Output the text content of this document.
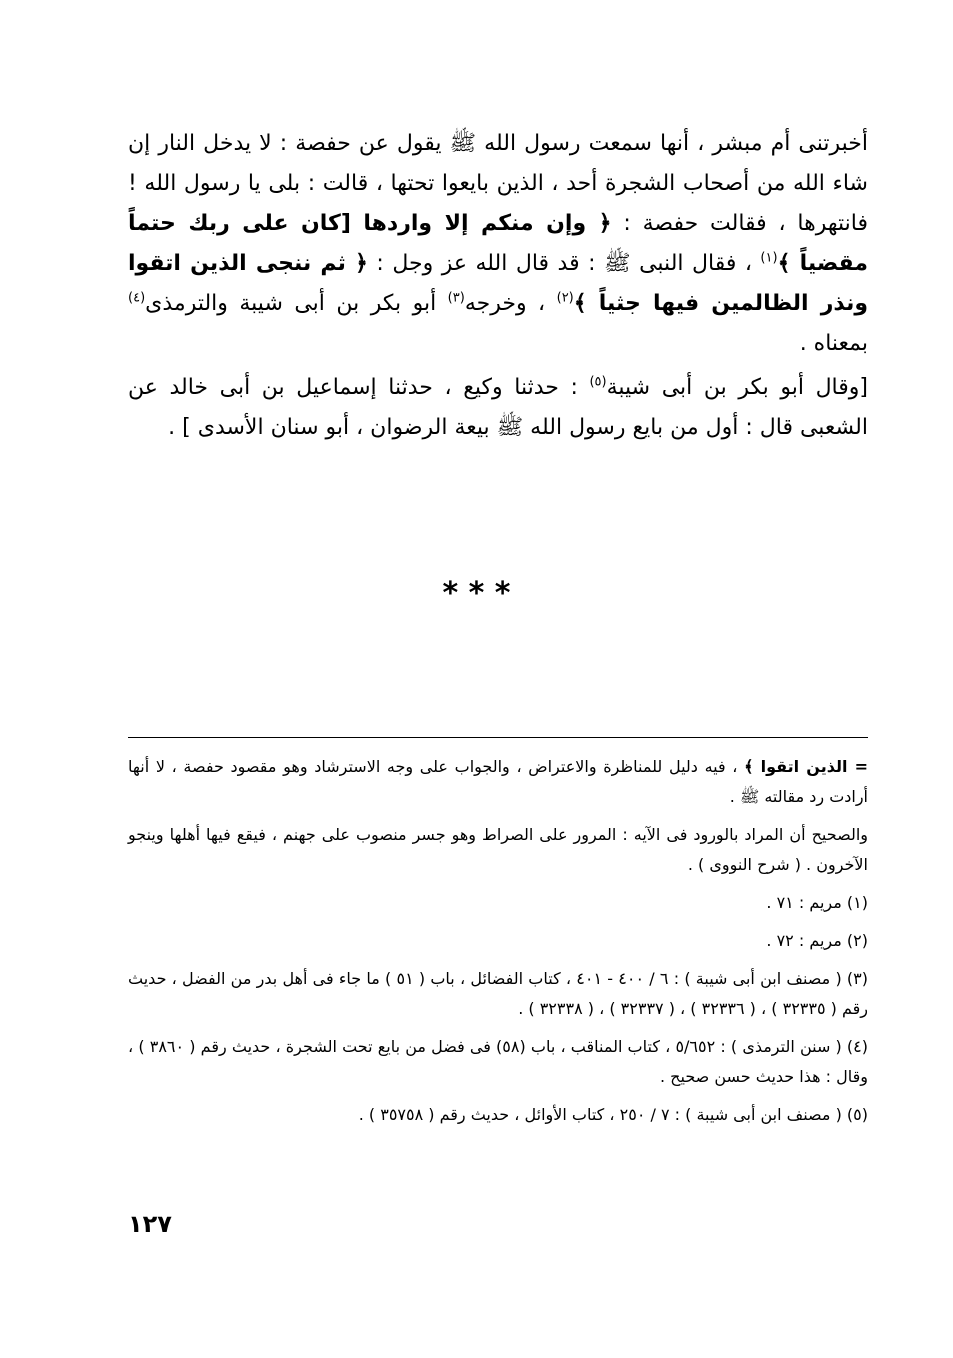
أخبرتنى أم مبشر ، أنها سمعت رسول الله ﷺ يقول عن حفصة : لا يدخل النار إن شاء الله من أصحاب الشجرة أحد ، الذين بايعوا تحتها ، قالت : بلى يا رسول الله ! فانتهرها ، فقالت حفصة : ﴿ وإن منكم إلا واردها [كان على ربك حتماً مقضياً ﴾$^{(١)}$ ، فقال النبى ﷺ : قد قال الله عز وجل : ﴿ ثم ننجى الذين اتقوا ونذر الظالمين فيها جثياً ﴾$^{(٢)}$ ، وخرجه$^{(٣)}$ أبو بكر بن أبى شيبة والترمذى$^{(٤)}$ بمعناه .

[وقال أبو بكر بن أبى شيبة$^{(٥)}$ : حدثنا وكيع ، حدثنا إسماعيل بن أبى خالد عن الشعبى قال : أول من بايع رسول الله ﷺ بيعة الرضوان ، أبو سنان الأسدى ] .

* * *

= الذين اتقوا ﴾ ، فيه دليل للمناظرة والاعتراض ، والجواب على وجه الاسترشاد وهو مقصود حفصة ، لا أنها أرادت رد مقالته ﷺ .

والصحيح أن المراد بالورود فى الآيه : المرور على الصراط وهو جسر منصوب على جهنم ، فيقع فيها أهلها وينجو الآخرون . ( شرح النووى ) .

(١) مريم : ٧١ .

(٢) مريم : ٧٢ .

(٣) ( مصنف ابن أبى شيبة ) : ٦ / ٤٠٠ - ٤٠١ ، كتاب الفضائل ، باب ( ٥١ ) ما جاء فى أهل بدر من الفضل ، حديث رقم ( ٣٢٣٣٥ ) ، ( ٣٢٣٣٦ ) ، ( ٣٢٣٣٧ ) ، ( ٣٢٣٣٨ ) .

(٤) ( سنن الترمذى ) : ٥/٦٥٢ ، كتاب المناقب ، باب (٥٨) فى فضل من بايع تحت الشجرة ، حديث رقم ( ٣٨٦٠ ) ، وقال : هذا حديث حسن صحيح .

(٥) ( مصنف ابن أبى شيبة ) : ٧ / ٢٥٠ ، كتاب الأوائل ، حديث رقم ( ٣٥٧٥٨ ) .

١٢٧
